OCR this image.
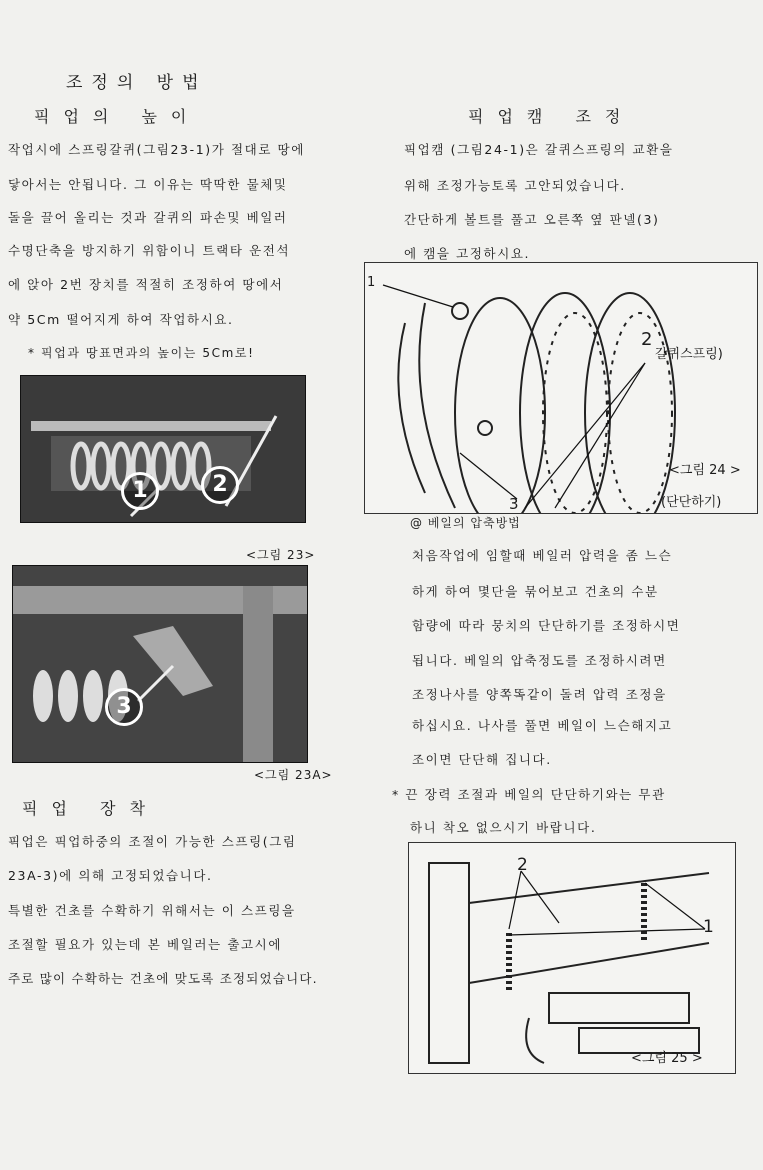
조정의 방법
픽업의 높이
작업시에 스프링갈퀴(그림23-1)가 절대로 땅에
닿아서는 안됩니다. 그 이유는 딱딱한 물체및
돌을 끌어 올리는 것과 갈퀴의 파손및 베일러
수명단축을 방지하기 위함이니 트랙타 운전석
에 앉아 2번 장치를 적절히 조정하여 땅에서
약 5Cm 떨어지게 하여 작업하시요.
* 픽업과 땅표면과의 높이는 5Cm로!
1	2
<그림 23>
3
<그림 23A>
픽업 장착
픽업은 픽업하중의 조절이 가능한 스프링(그림
23A-3)에 의해 고정되었습니다.
특별한 건초를 수확하기 위해서는 이 스프링을
조절할 필요가 있는데 본 베일러는 출고시에
주로 많이 수확하는 건초에 맞도록 조정되었습니다.
픽업캠 조정
픽업캠 (그림24-1)은 갈퀴스프링의 교환을
위해 조정가능토록 고안되었습니다.
간단하게 볼트를 풀고 오른쪽 옆 판넬(3)
에 캠을 고정하시요.
1
2
갈퀴스프링)
3
<그림 24 >
(단단하기)
@ 베일의 압축방법
처음작업에 임할때 베일러 압력을 좀 느슨
하게 하여 몇단을 묶어보고 건초의 수분
함량에 따라 뭉치의 단단하기를 조정하시면
됩니다. 베일의 압축정도를 조정하시려면
조정나사를 양쪽똑같이 돌려 압력 조정을
하십시요. 나사를 풀면 베일이 느슨해지고
조이면 단단해 집니다.
* 끈 장력 조절과 베일의 단단하기와는 무관
하니 착오 없으시기 바랍니다.
2
1
<그림 25 >
